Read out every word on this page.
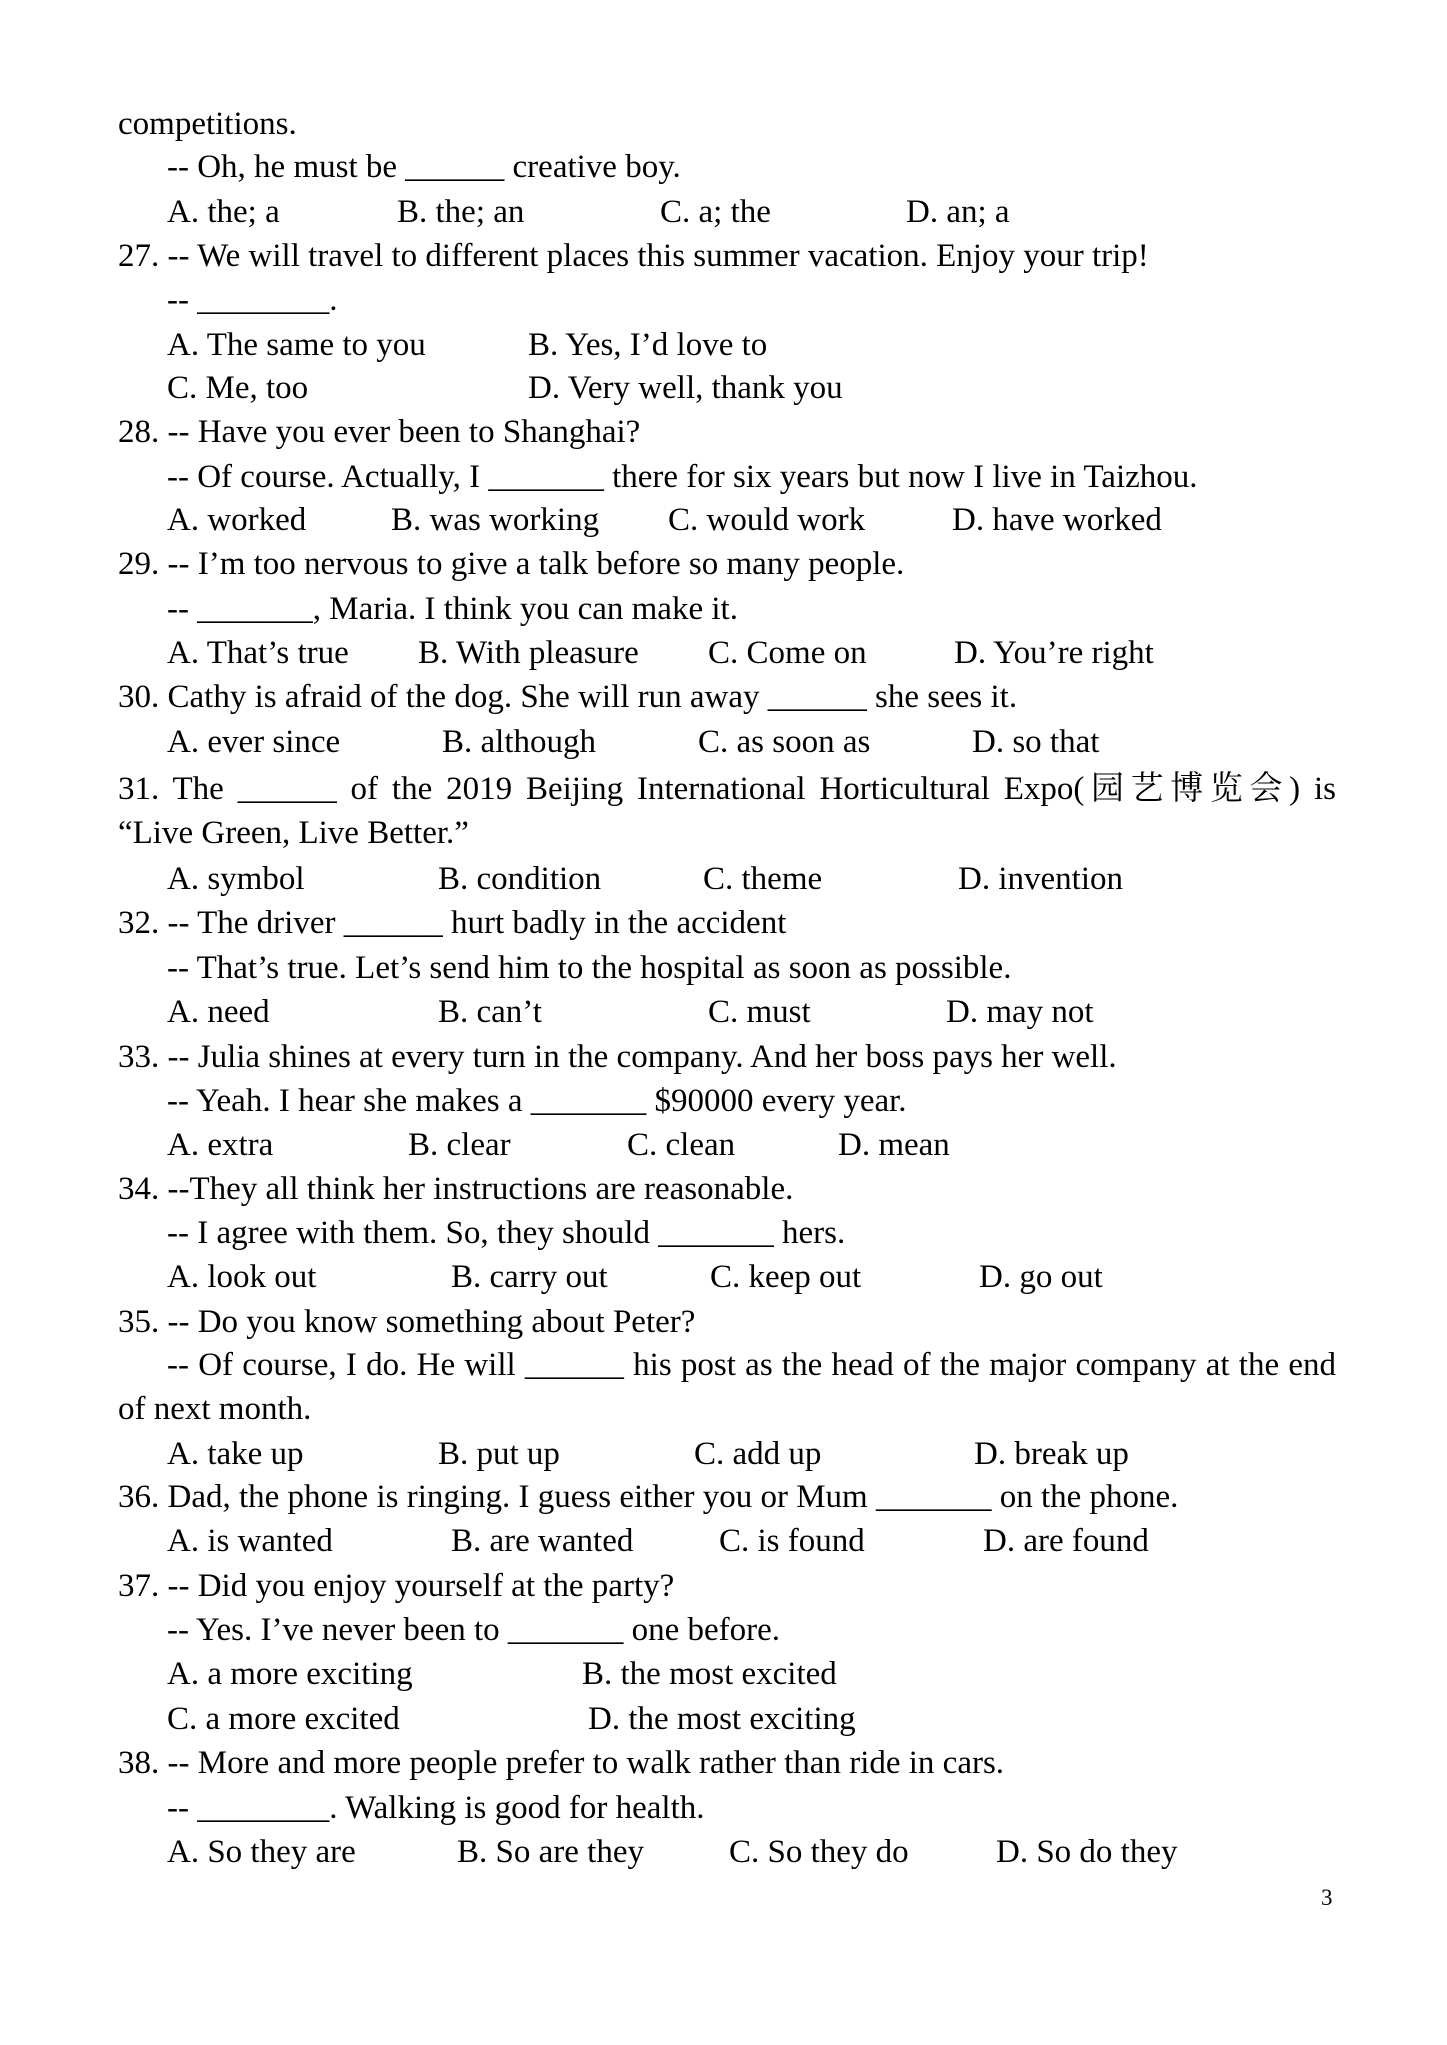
competitions.
-- Oh, he must be ______ creative boy.
A. the; a	B. the; an	C. a; the	D. an; a
27. -- We will travel to different places this summer vacation. Enjoy your trip!
-- ________.
A. The same to you	B. Yes, I’d love to
C. Me, too	D. Very well, thank you
28. -- Have you ever been to Shanghai?
-- Of course. Actually, I _______ there for six years but now I live in Taizhou.
A. worked	B. was working C. would work	D. have worked
29. -- I’m too nervous to give a talk before so many people.
-- _______, Maria. I think you can make it.
A. That’s true B. With pleasure C. Come on	D. You’re right
30. Cathy is afraid of the dog. She will run away ______ she sees it.
A. ever since	B. although	C. as soon as	D. so that
31. The ______ of the 2019 Beijing International Horticultural Expo(园艺博览会) is
“Live Green, Live Better.”
A. symbol	B. condition	C. theme	D. invention
32. -- The driver ______ hurt badly in the accident
-- That’s true. Let’s send him to the hospital as soon as possible.
A. need	B. can’t	C. must	D. may not
33. -- Julia shines at every turn in the company. And her boss pays her well.
-- Yeah. I hear she makes a _______ $90000 every year.
A. extra	B. clear	C. clean	D. mean
34. --They all think her instructions are reasonable.
-- I agree with them. So, they should _______ hers.
A. look out	B. carry out	C. keep out	D. go out
35. -- Do you know something about Peter?
-- Of course, I do. He will ______ his post as the head of the major company at the end
of next month.
A. take up	B. put up	C. add up	D. break up
36. Dad, the phone is ringing. I guess either you or Mum _______ on the phone.
A. is wanted	B. are wanted	C. is found	D. are found
37. -- Did you enjoy yourself at the party?
-- Yes. I’ve never been to _______ one before.
A. a more exciting	B. the most excited
C. a more excited	D. the most exciting
38. -- More and more people prefer to walk rather than ride in cars.
-- ________. Walking is good for health.
A. So they are	B. So are they	C. So they do	D. So do they
3
